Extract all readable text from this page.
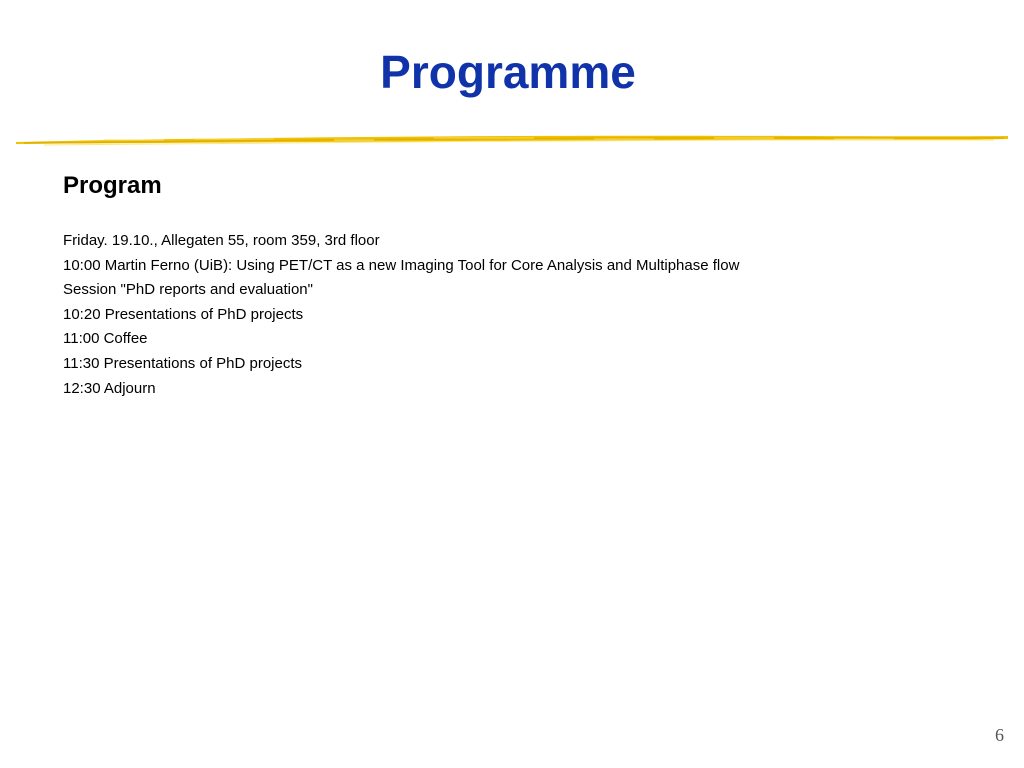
Programme
Program
Friday. 19.10., Allegaten 55, room 359, 3rd floor
10:00 Martin Ferno (UiB): Using PET/CT as a new Imaging Tool for Core Analysis and Multiphase flow
Session "PhD reports and evaluation"
10:20 Presentations of PhD projects
11:00 Coffee
11:30 Presentations of PhD projects
12:30 Adjourn
6
